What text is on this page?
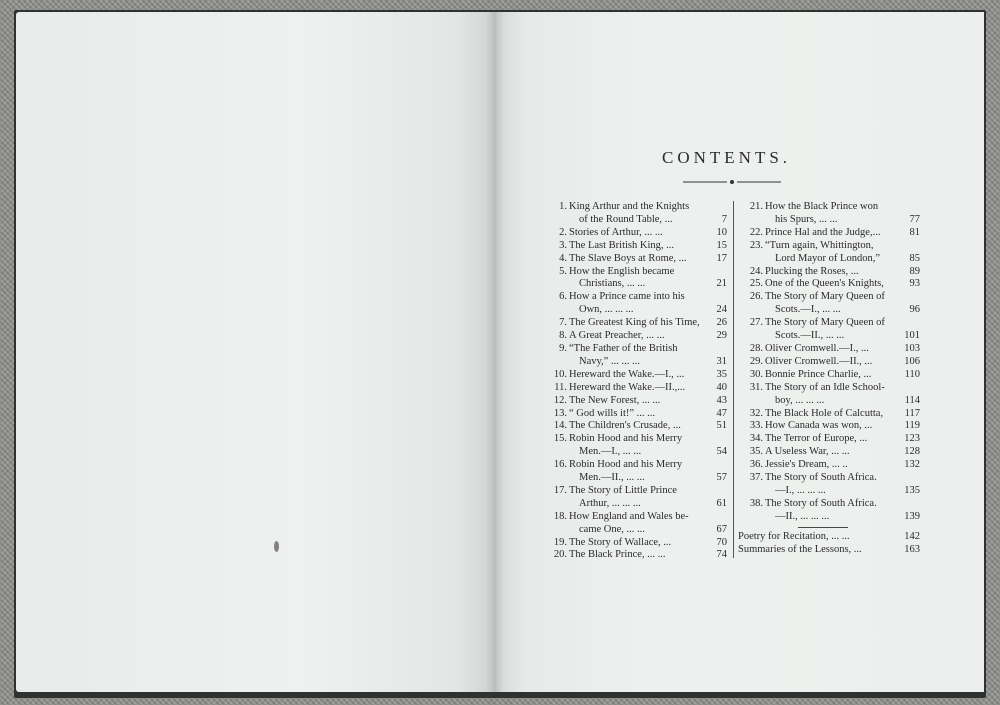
CONTENTS.
1. King Arthur and the Knights
of the Round Table, ...	7
2. Stories of Arthur, ... ...	10
3. The Last British King, ...	15
4. The Slave Boys at Rome, ...	17
5. How the English became
Christians, ... ...	21
6. How a Prince came into his
Own, ... ... ...	24
7. The Greatest King of his Time,	26
8. A Great Preacher, ... ...	29
9. “The Father of the British
Navy,” ... ... ...	31
10. Hereward the Wake.—I., ...	35
11. Hereward the Wake.—II.,...	40
12. The New Forest, ... ...	43
13. “ God wills it!” ... ...	47
14. The Children's Crusade, ...	51
15. Robin Hood and his Merry
Men.—I., ... ...	54
16. Robin Hood and his Merry
Men.—II., ... ...	57
17. The Story of Little Prince
Arthur, ... ... ...	61
18. How England and Wales be-
came One, ... ...	67
19. The Story of Wallace, ...	70
20. The Black Prince, ... ...	74
21. How the Black Prince won
his Spurs, ... ...	77
22. Prince Hal and the Judge,...	81
23. “Turn again, Whittington,
Lord Mayor of London,”	85
24. Plucking the Roses, ...	89
25. One of the Queen's Knights,	93
26. The Story of Mary Queen of
Scots.—I., ... ...	96
27. The Story of Mary Queen of
Scots.—II., ... ...	101
28. Oliver Cromwell.—I., ...	103
29. Oliver Cromwell.—II., ...	106
30. Bonnie Prince Charlie, ...	110
31. The Story of an Idle School-
boy, ... ... ...	114
32. The Black Hole of Calcutta,	117
33. How Canada was won, ...	119
34. The Terror of Europe, ...	123
35. A Useless War, ... ...	128
36. Jessie's Dream, ... ..	132
37. The Story of South Africa.
—I., ... ... ...	135
38. The Story of South Africa.
—II., ... ... ...	139
Poetry for Recitation, ... ...	142
Summaries of the Lessons, ...	163
